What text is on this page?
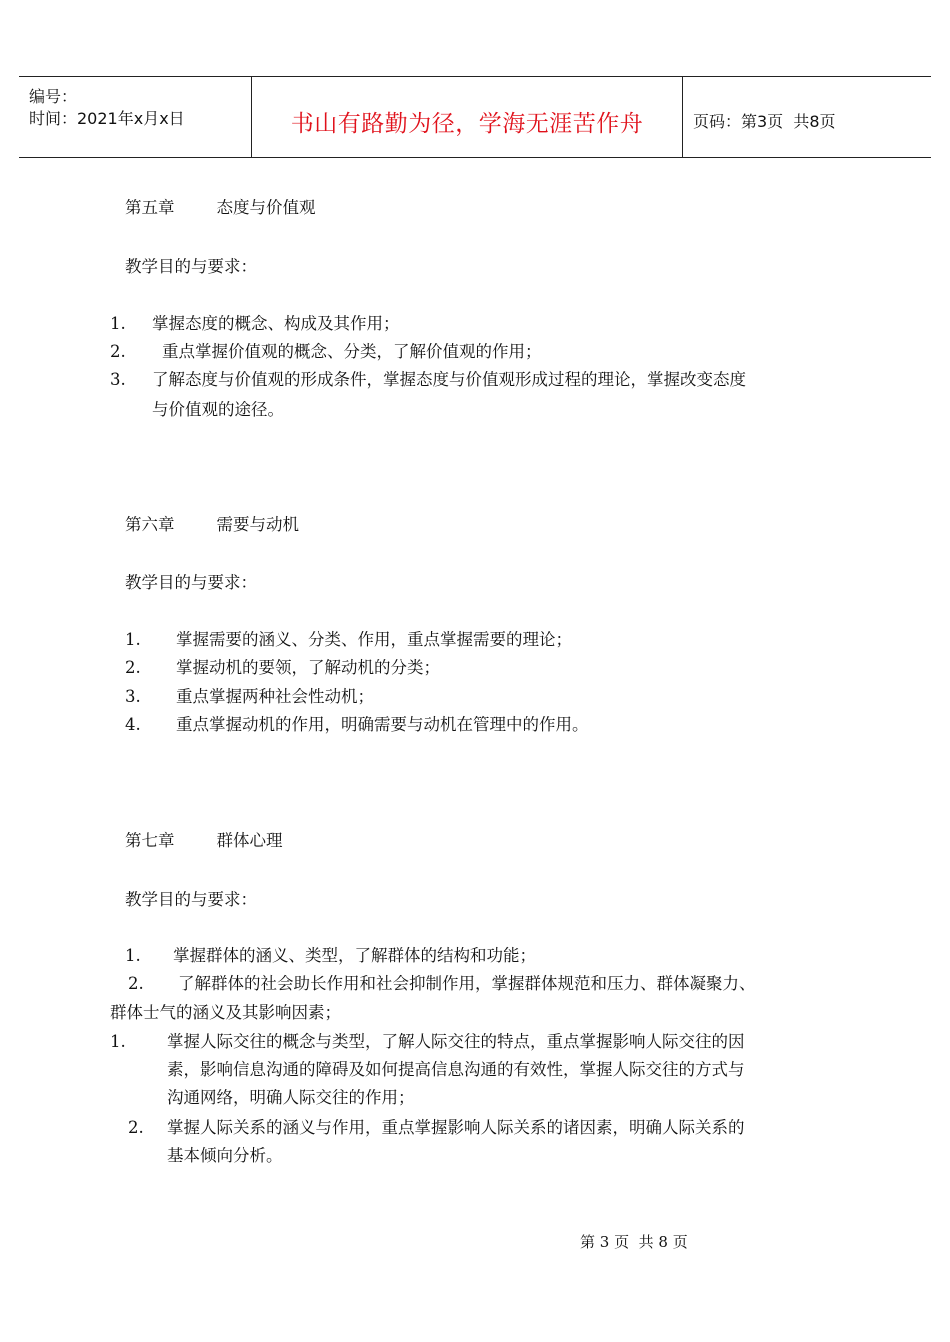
编号：
时间：2021年x月x日	书山有路勤为径，学海无涯苦作舟	页码：第3页  共8页
第五章        态度与价值观
教学目的与要求：
1. 掌握态度的概念、构成及其作用；
2. 重点掌握价值观的概念、分类，了解价值观的作用；
3. 了解态度与价值观的形成条件，掌握态度与价值观形成过程的理论，掌握改变态度
与价值观的途径。
第六章        需要与动机
教学目的与要求：
1. 掌握需要的涵义、分类、作用，重点掌握需要的理论；
2. 掌握动机的要领，了解动机的分类；
3. 重点掌握两种社会性动机；
4. 重点掌握动机的作用，明确需要与动机在管理中的作用。
第七章        群体心理
教学目的与要求：
1. 掌握群体的涵义、类型，了解群体的结构和功能；
2. 了解群体的社会助长作用和社会抑制作用，掌握群体规范和压力、群体凝聚力、
群体士气的涵义及其影响因素；
1.	掌握人际交往的概念与类型，了解人际交往的特点，重点掌握影响人际交往的因
素，影响信息沟通的障碍及如何提高信息沟通的有效性，掌握人际交往的方式与
沟通网络，明确人际交往的作用；
2. 掌握人际关系的涵义与作用，重点掌握影响人际关系的诸因素，明确人际关系的
基本倾向分析。
第 3 页  共 8 页
